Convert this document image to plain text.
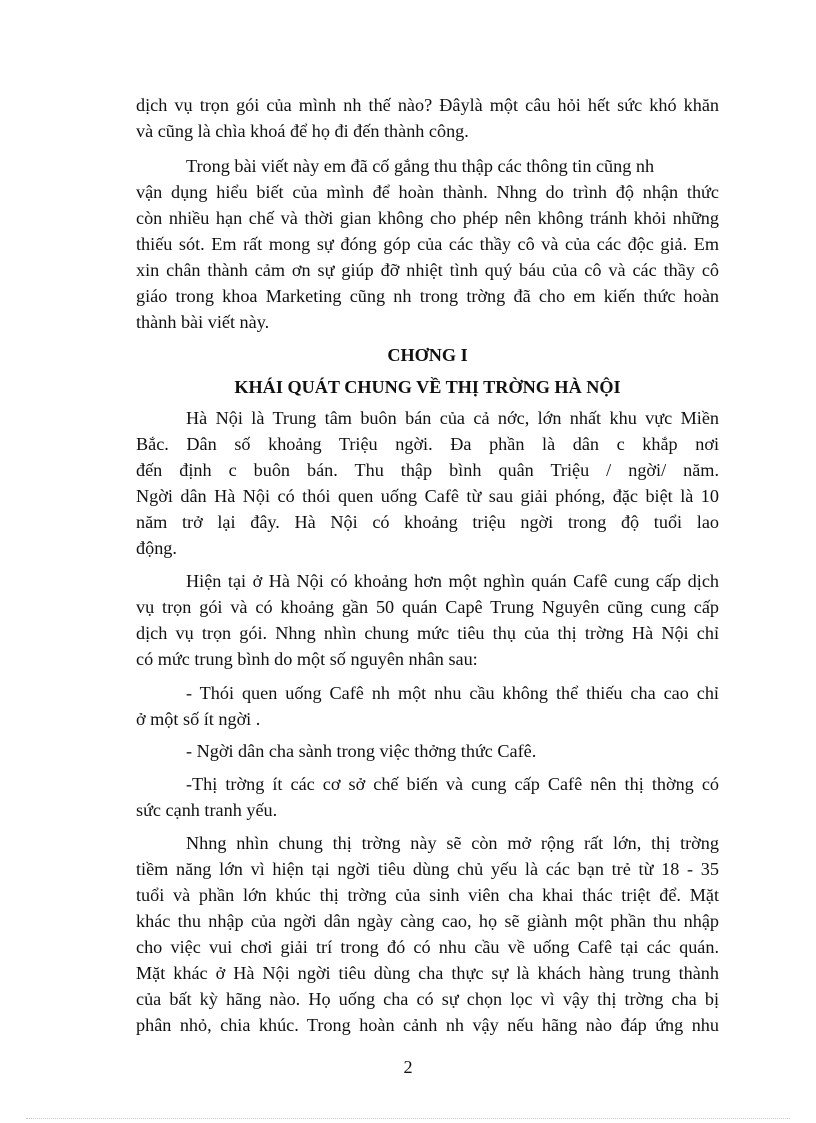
dịch vụ trọn gói của mình nh thế nào? Đâylà một câu hỏi hết sức khó khăn
và cũng là chìa khoá để họ đi đến thành công.
Trong bài viết này em đã cố gắng thu thập các thông tin cũng nh
vận dụng hiểu biết của mình để hoàn thành. Nhng do trình độ nhận thức
còn nhiều hạn chế và thời gian không cho phép nên không tránh khỏi những
thiếu sót. Em rất mong sự đóng góp của các thầy cô và của các độc giả. Em
xin chân thành cảm ơn sự giúp đỡ nhiệt tình quý báu của cô và các thầy cô
giáo trong khoa Marketing cũng nh trong trờng đã cho em kiến thức hoàn
thành bài viết này.
CHƠNG I
KHÁI QUÁT CHUNG VỀ THỊ TRỜNG HÀ NỘI
Hà Nội là Trung tâm buôn bán của cả nớc, lớn nhất khu vực Miền
Bắc. Dân số khoảng Triệu ngời. Đa phần là dân c khắp nơi
đến định c buôn bán. Thu thập bình quân Triệu / ngời/ năm.
Ngời dân Hà Nội có thói quen uống Cafê từ sau giải phóng, đặc biệt là 10
năm trở lại đây. Hà Nội có khoảng triệu ngời trong độ tuổi lao
động.
Hiện tại ở Hà Nội có khoảng hơn một nghìn quán Cafê cung cấp dịch
vụ trọn gói và có khoảng gần 50 quán Capê Trung Nguyên cũng cung cấp
dịch vụ trọn gói. Nhng nhìn chung mức tiêu thụ của thị trờng Hà Nội chỉ
có mức trung bình do một số nguyên nhân sau:
- Thói quen uống Cafê nh một nhu cầu không thể thiếu cha cao chỉ
ở một số ít ngời .
- Ngời dân cha sành trong việc thởng thức Cafê.
-Thị trờng ít các cơ sở chế biến và cung cấp Cafê nên thị thờng có
sức cạnh tranh yếu.
Nhng nhìn chung thị trờng này sẽ còn mở rộng rất lớn, thị trờng
tiềm năng lớn vì hiện tại ngời tiêu dùng chủ yếu là các bạn trẻ từ 18 - 35
tuổi và phần lớn khúc thị trờng của sinh viên cha khai thác triệt để. Mặt
khác thu nhập của ngời dân ngày càng cao, họ sẽ giành một phần thu nhập
cho việc vui chơi giải trí trong đó có nhu cầu về uống Cafê tại các quán.
Mặt khác ở Hà Nội ngời tiêu dùng cha thực sự là khách hàng trung thành
của bất kỳ hãng nào. Họ uống cha có sự chọn lọc vì vậy thị trờng cha bị
phân nhỏ, chia khúc. Trong hoàn cảnh nh vậy nếu hãng nào đáp ứng nhu
2
